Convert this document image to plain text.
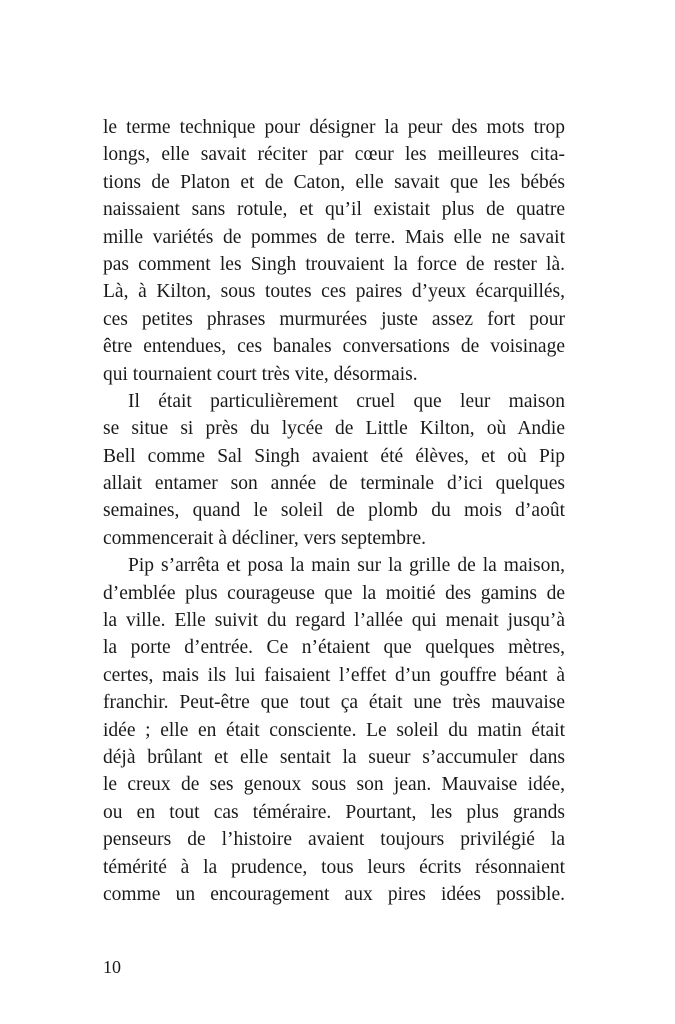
le terme technique pour désigner la peur des mots trop
longs, elle savait réciter par cœur les meilleures cita-
tions de Platon et de Caton, elle savait que les bébés
naissaient sans rotule, et qu’il existait plus de quatre
mille variétés de pommes de terre. Mais elle ne savait
pas comment les Singh trouvaient la force de rester là.
Là, à Kilton, sous toutes ces paires d’yeux écarquillés,
ces petites phrases murmurées juste assez fort pour
être entendues, ces banales conversations de voisinage
qui tournaient court très vite, désormais.
Il était particulièrement cruel que leur maison
se situe si près du lycée de Little Kilton, où Andie
Bell comme Sal Singh avaient été élèves, et où Pip
allait entamer son année de terminale d’ici quelques
semaines, quand le soleil de plomb du mois d’août
commencerait à décliner, vers septembre.
Pip s’arrêta et posa la main sur la grille de la maison,
d’emblée plus courageuse que la moitié des gamins de
la ville. Elle suivit du regard l’allée qui menait jusqu’à
la porte d’entrée. Ce n’étaient que quelques mètres,
certes, mais ils lui faisaient l’effet d’un gouffre béant à
franchir. Peut-être que tout ça était une très mauvaise
idée ; elle en était consciente. Le soleil du matin était
déjà brûlant et elle sentait la sueur s’accumuler dans
le creux de ses genoux sous son jean. Mauvaise idée,
ou en tout cas téméraire. Pourtant, les plus grands
penseurs de l’histoire avaient toujours privilégié la
témérité à la prudence, tous leurs écrits résonnaient
comme un encouragement aux pires idées possible.
10
